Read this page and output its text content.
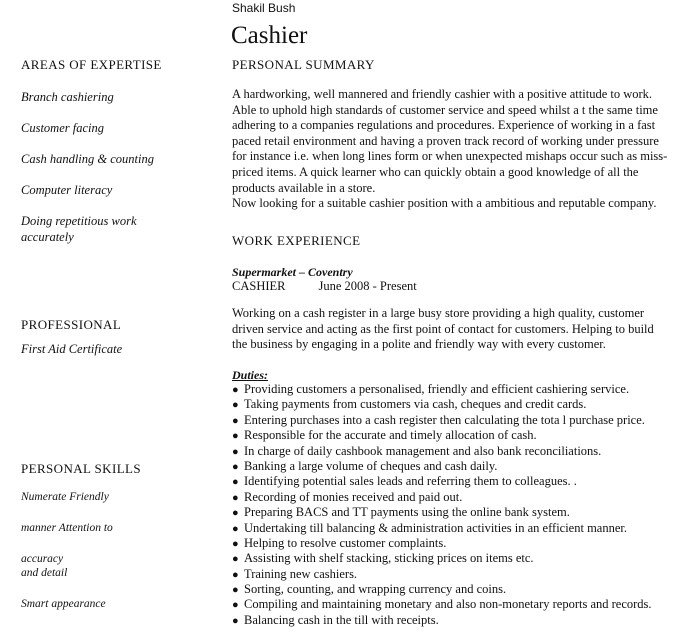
Shakil Bush
Cashier
AREAS OF EXPERTISE
Branch cashiering
Customer facing
Cash handling & counting
Computer literacy
Doing repetitious work
accurately
PROFESSIONAL
First Aid Certificate
PERSONAL SKILLS
Numerate Friendly
manner Attention to
accuracy
and detail
Smart appearance
PERSONAL SUMMARY

A hardworking, well mannered and friendly cashier with a positive attitude to work. Able to uphold high standards of customer service and speed whilst a t the same time adhering to a companies regulations and procedures. Experience of working in a fast paced retail environment and having a proven track record of working under pressure for instance i.e. when long lines form or when unexpected mishaps occur such as miss-priced items. A quick learner who can quickly obtain a good knowledge of all the products available in a store.

Now looking for a suitable cashier position with a ambitious and reputable company.

WORK EXPERIENCE
Supermarket – Coventry
CASHIER	June 2008 - Present

Working on a cash register in a large busy store providing a high quality, customer driven service and acting as the first point of contact for customers. Helping to build the business by engaging in a polite and friendly way with every customer.

Duties:
● Providing customers a personalised, friendly and efficient cashiering service.
● Taking payments from customers via cash, cheques and credit cards.
● Entering purchases into a cash register then calculating the tota l purchase price.
● Responsible for the accurate and timely allocation of cash.
● In charge of daily cashbook management and also bank reconciliations.
● Banking a large volume of cheques and cash daily.
● Identifying potential sales leads and referring them to colleagues. .
● Recording of monies received and paid out.
● Preparing BACS and TT payments using the online bank system.
● Undertaking till balancing & administration activities in an efficient manner.
● Helping to resolve customer complaints.
● Assisting with shelf stacking, sticking prices on items etc.
● Training new cashiers.
● Sorting, counting, and wrapping currency and coins.
● Compiling and maintaining monetary and also non-monetary reports and records.
● Balancing cash in the till with receipts.
